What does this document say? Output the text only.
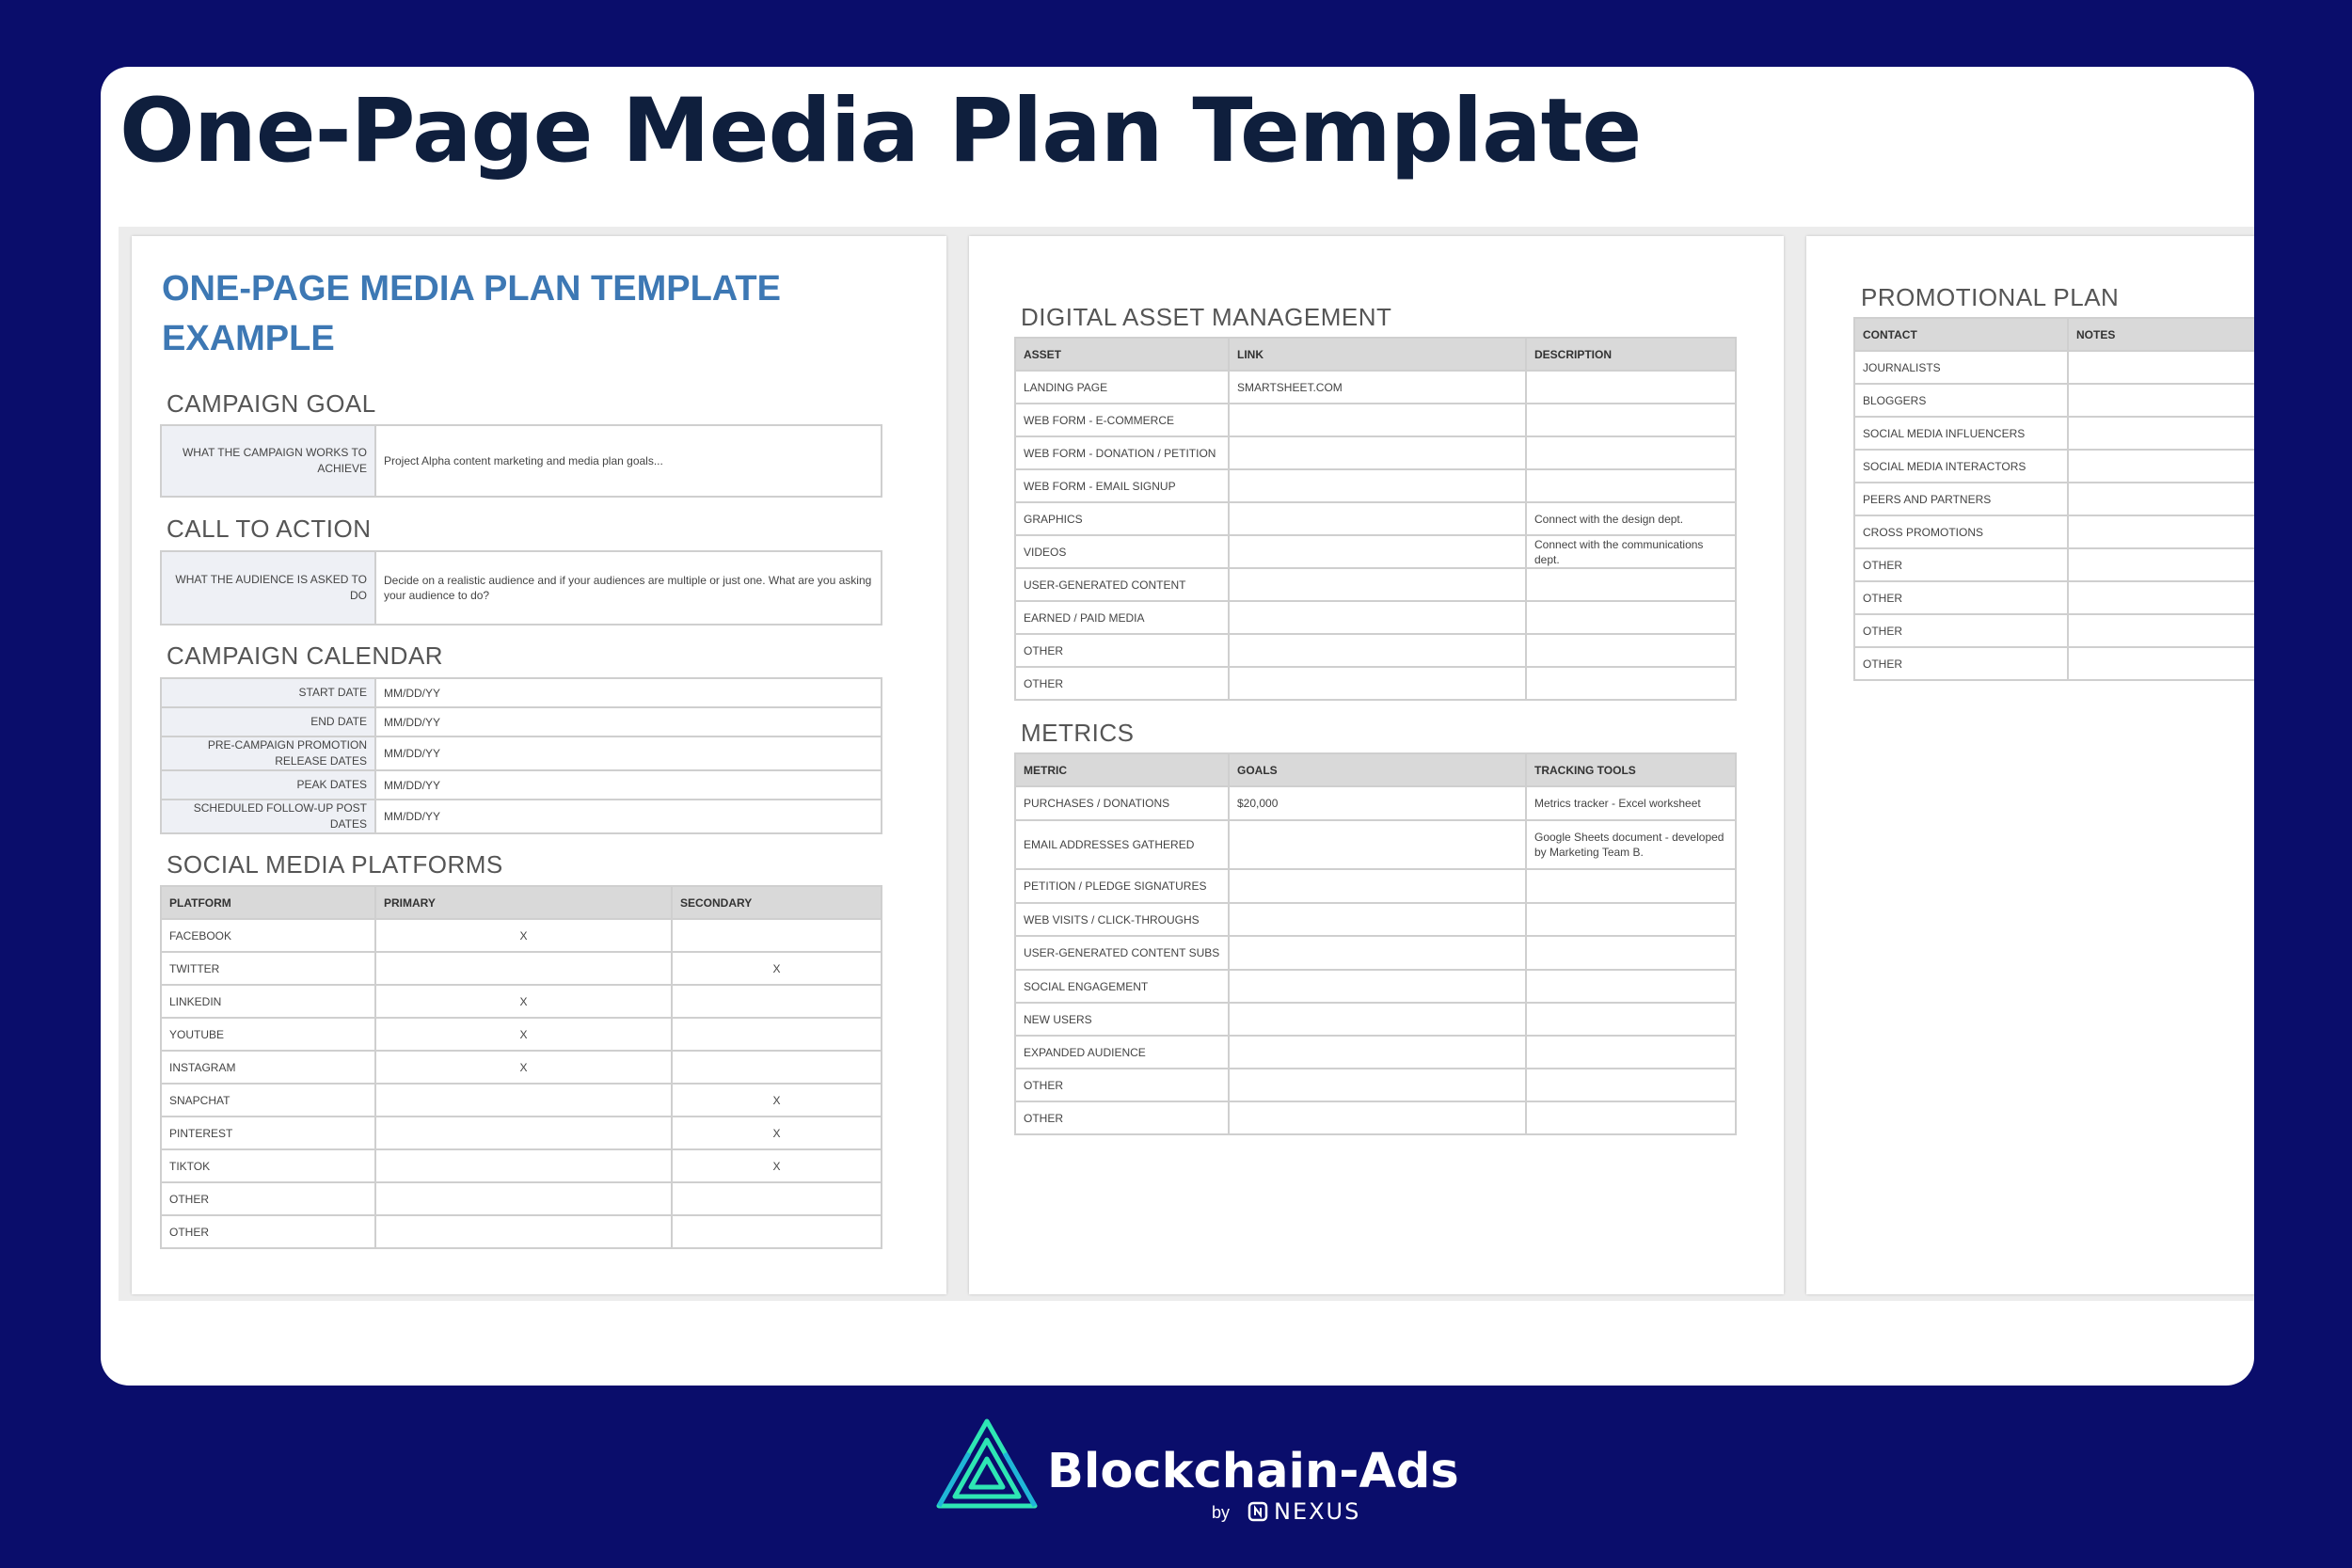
One-Page Media Plan Template
ONE-PAGE MEDIA PLAN TEMPLATE EXAMPLE

CAMPAIGN GOAL

WHAT THE CAMPAIGN WORKS TO ACHIEVE	Project Alpha content marketing and media plan goals...

CALL TO ACTION

WHAT THE AUDIENCE IS ASKED TO DO	Decide on a realistic audience and if your audiences are multiple or just one. What are you asking your audience to do?

CAMPAIGN CALENDAR

START DATE	MM/DD/YY
END DATE	MM/DD/YY
PRE-CAMPAIGN PROMOTION RELEASE DATES	MM/DD/YY
PEAK DATES	MM/DD/YY
SCHEDULED FOLLOW-UP POST DATES	MM/DD/YY

SOCIAL MEDIA PLATFORMS

PLATFORM	PRIMARY	SECONDARY
FACEBOOK	X	
TWITTER		X
LINKEDIN	X	
YOUTUBE	X	
INSTAGRAM	X	
SNAPCHAT		X
PINTEREST		X
TIKTOK		X
OTHER		
OTHER		

DIGITAL ASSET MANAGEMENT

ASSET	LINK	DESCRIPTION
LANDING PAGE	SMARTSHEET.COM	
WEB FORM - E-COMMERCE		
WEB FORM - DONATION / PETITION		
WEB FORM - EMAIL SIGNUP		
GRAPHICS		Connect with the design dept.
VIDEOS		Connect with the communications dept.
USER-GENERATED CONTENT		
EARNED / PAID MEDIA		
OTHER		
OTHER		

METRICS

METRIC	GOALS	TRACKING TOOLS
PURCHASES / DONATIONS	$20,000	Metrics tracker - Excel worksheet
EMAIL ADDRESSES GATHERED		Google Sheets document - developed by Marketing Team B.
PETITION / PLEDGE SIGNATURES		
WEB VISITS / CLICK-THROUGHS		
USER-GENERATED CONTENT SUBS		
SOCIAL ENGAGEMENT		
NEW USERS		
EXPANDED AUDIENCE		
OTHER		
OTHER		

PROMOTIONAL PLAN

CONTACT	NOTES
JOURNALISTS	
BLOGGERS	
SOCIAL MEDIA INFLUENCERS	
SOCIAL MEDIA INTERACTORS	
PEERS AND PARTNERS	
CROSS PROMOTIONS	
OTHER	
OTHER	
OTHER	
OTHER	
Blockchain-Ads
by NEXUS
